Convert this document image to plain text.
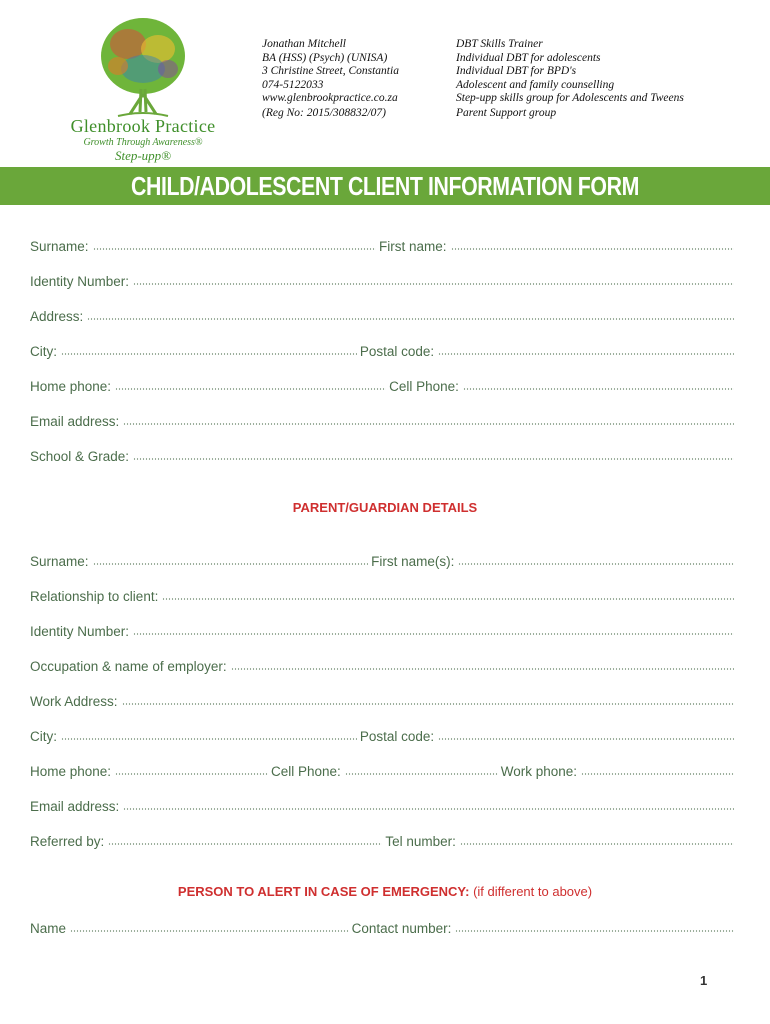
Glenbrook Practice
Growth Through Awareness®
Step-upp®
Jonathan Mitchell
BA (HSS) (Psych) (UNISA)
3 Christine Street, Constantia
074-5122033
www.glenbrookpractice.co.za
(Reg No: 2015/308832/07)
DBT Skills Trainer
Individual DBT for adolescents
Individual DBT for BPD's
Adolescent and family counselling
Step-upp skills group for Adolescents and Tweens
Parent Support group
CHILD/ADOLESCENT CLIENT INFORMATION FORM
Surname:	First name:
Identity Number:
Address:
City:	Postal code:
Home phone:	Cell Phone:
Email address:
School & Grade:
PARENT/GUARDIAN DETAILS
Surname:	First name(s):
Relationship to client:
Identity Number:
Occupation & name of employer:
Work Address:
City:	Postal code:
Home phone:	Cell Phone:	Work phone:
Email address:
Referred by:	Tel number:
PERSON TO ALERT IN CASE OF EMERGENCY: (if different to above)
Name	Contact number:
1
